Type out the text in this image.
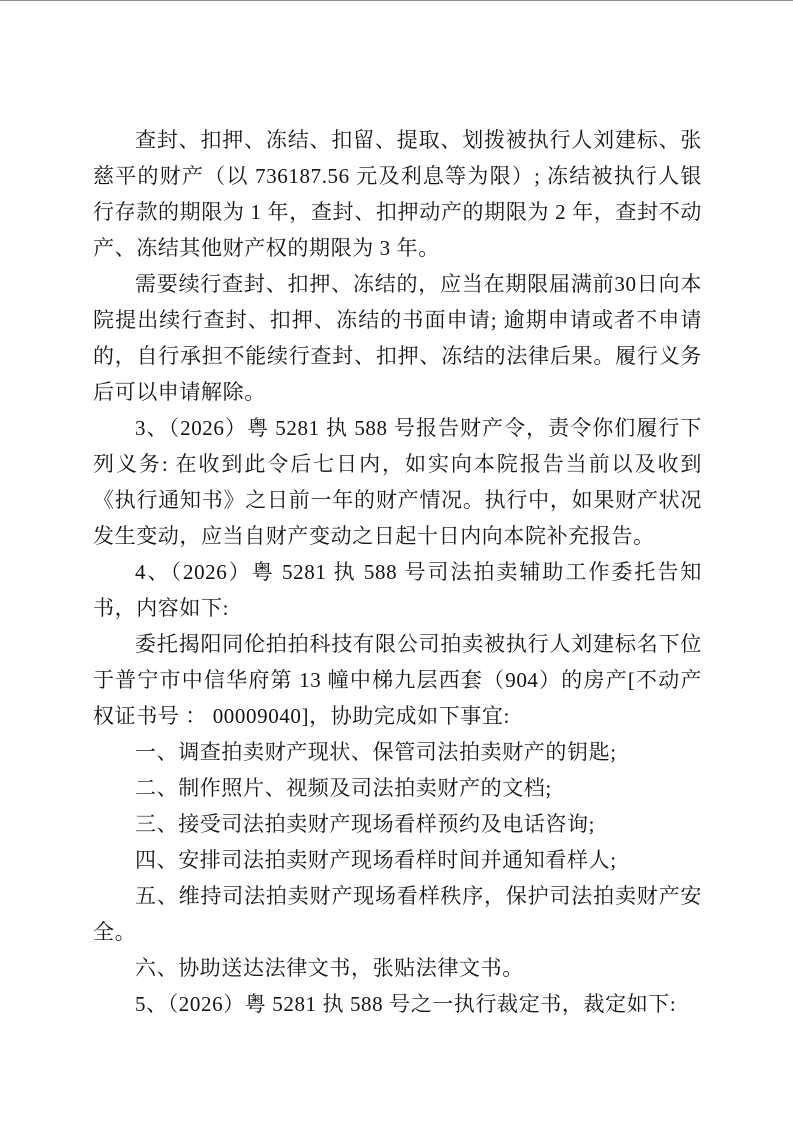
查封、扣押、冻结、扣留、提取、划拨被执行人刘建标、张慈平的财产（以 736187.56 元及利息等为限）; 冻结被执行人银行存款的期限为 1 年，查封、扣押动产的期限为 2 年，查封不动产、冻结其他财产权的期限为 3 年。

需要续行查封、扣押、冻结的，应当在期限届满前30日向本院提出续行查封、扣押、冻结的书面申请; 逾期申请或者不申请的，自行承担不能续行查封、扣押、冻结的法律后果。履行义务后可以申请解除。

3、（2026）粤 5281 执 588 号报告财产令，责令你们履行下列义务: 在收到此令后七日内，如实向本院报告当前以及收到《执行通知书》之日前一年的财产情况。执行中，如果财产状况发生变动，应当自财产变动之日起十日内向本院补充报告。

4、（2026）粤 5281 执 588 号司法拍卖辅助工作委托告知书，内容如下:

委托揭阳同伦拍拍科技有限公司拍卖被执行人刘建标名下位于普宁市中信华府第 13 幢中梯九层西套（904）的房产[不动产权证书号 ： 00009040]，协助完成如下事宜:

一、调查拍卖财产现状、保管司法拍卖财产的钥匙;

二、制作照片、视频及司法拍卖财产的文档;

三、接受司法拍卖财产现场看样预约及电话咨询;

四、安排司法拍卖财产现场看样时间并通知看样人;

五、维持司法拍卖财产现场看样秩序，保护司法拍卖财产安全。

六、协助送达法律文书，张贴法律文书。

5、（2026）粤 5281 执 588 号之一执行裁定书，裁定如下:
